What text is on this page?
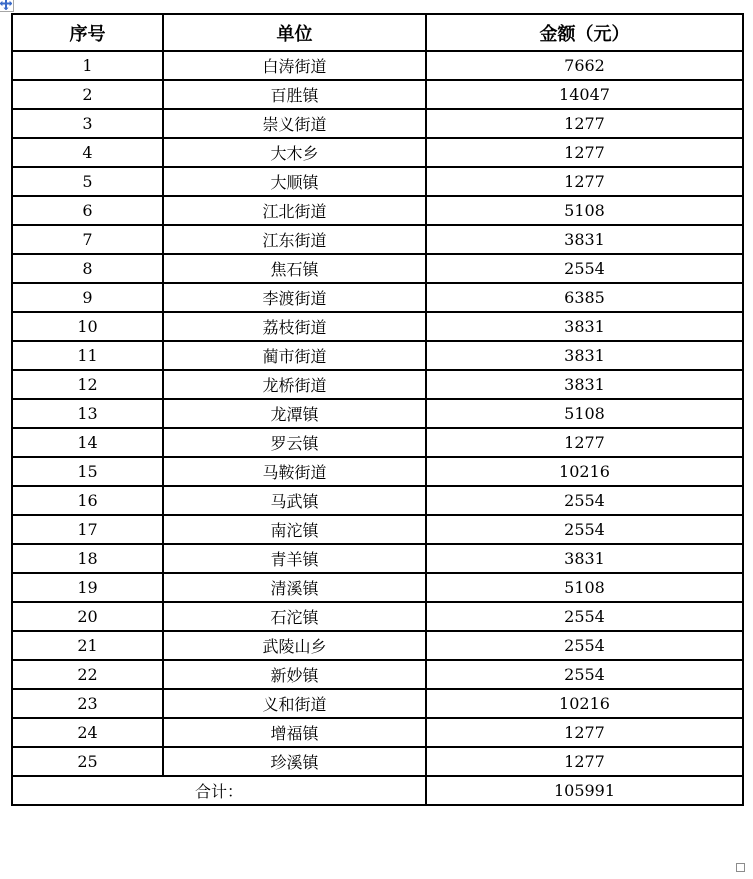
序号	单位	金额（元）
1	白涛街道	7662
2	百胜镇	14047
3	崇义街道	1277
4	大木乡	1277
5	大顺镇	1277
6	江北街道	5108
7	江东街道	3831
8	焦石镇	2554
9	李渡街道	6385
10	荔枝街道	3831
11	蔺市街道	3831
12	龙桥街道	3831
13	龙潭镇	5108
14	罗云镇	1277
15	马鞍街道	10216
16	马武镇	2554
17	南沱镇	2554
18	青羊镇	3831
19	清溪镇	5108
20	石沱镇	2554
21	武陵山乡	2554
22	新妙镇	2554
23	义和街道	10216
24	增福镇	1277
25	珍溪镇	1277
合计：		105991
